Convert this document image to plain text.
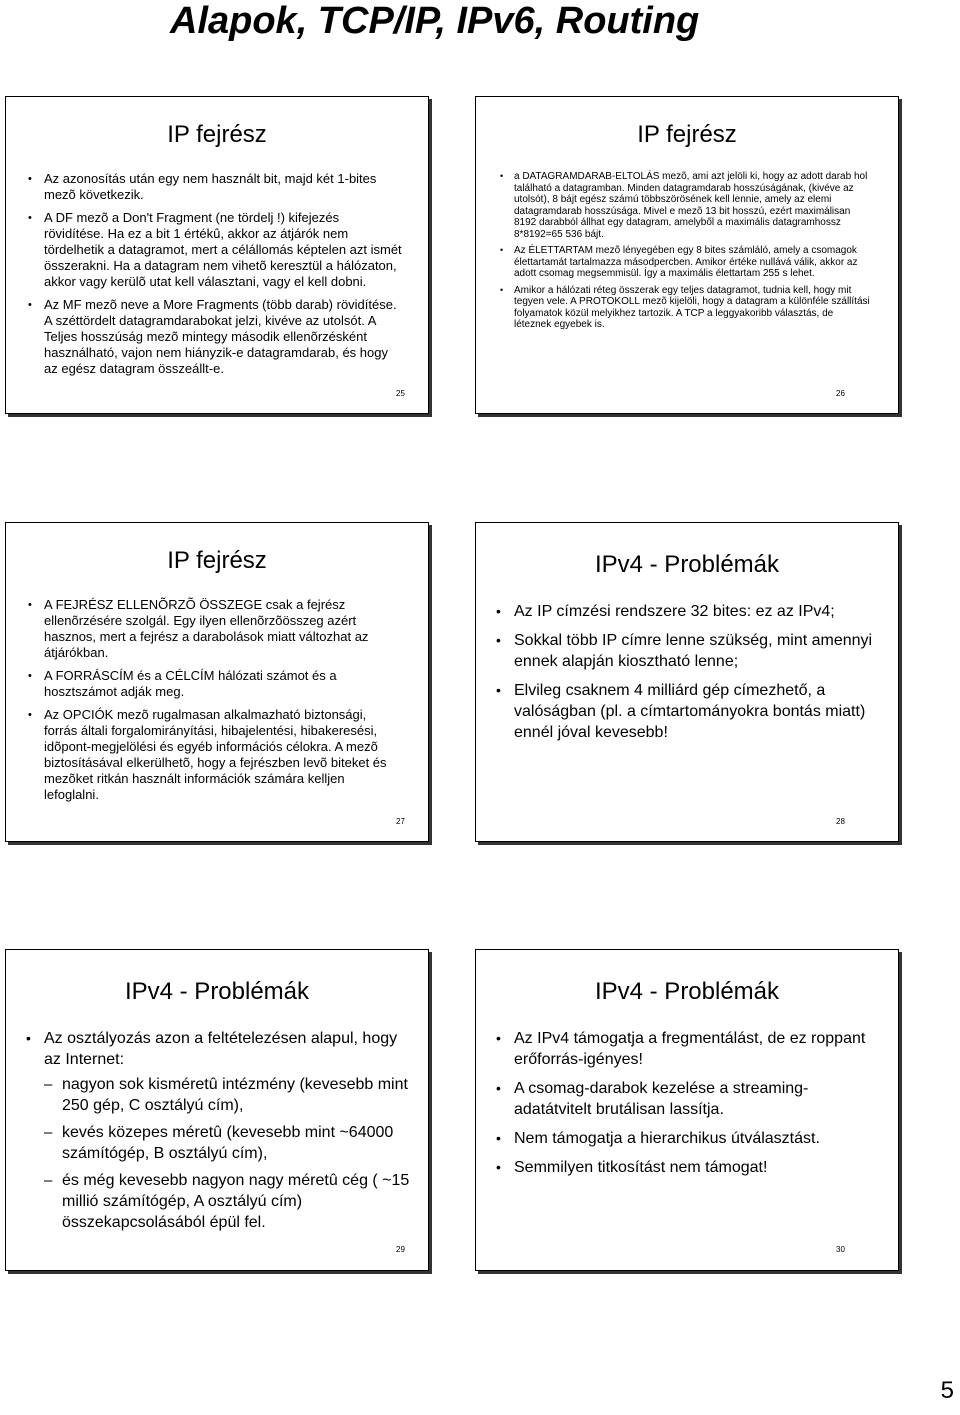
Alapok, TCP/IP, IPv6, Routing
IP fejrész
• Az azonosítás után egy nem használt bit, majd két 1-bites mezõ következik.
• A DF mezõ a Don't Fragment (ne tördelj !) kifejezés rövidítése. Ha ez a bit 1 értékû, akkor az átjárók nem tördelhetik a datagramot, mert a célállomás képtelen azt ismét összerakni. Ha a datagram nem vihetõ keresztül a hálózaton, akkor vagy kerülõ utat kell választani, vagy el kell dobni.
• Az MF mezõ neve a More Fragments (több darab) rövidítése. A széttördelt datagramdarabokat jelzi, kivéve az utolsót. A Teljes hosszúság mezõ mintegy második ellenõrzésként használható, vajon nem hiányzik-e datagramdarab, és hogy az egész datagram összeállt-e.
25
IP fejrész
• a DATAGRAMDARAB-ELTOLÁS mezõ, ami azt jelöli ki, hogy az adott darab hol található a datagramban. Minden datagramdarab hosszúságának, (kivéve az utolsót), 8 bájt egész számú többszörösének kell lennie, amely az elemi datagramdarab hosszúsága. Mivel e mezõ 13 bit hosszú, ezért maximálisan 8192 darabból állhat egy datagram, amelyből a maximális datagramhossz 8*8192=65 536 bájt.
• Az ÉLETTARTAM mezõ lényegében egy 8 bites számláló, amely a csomagok élettartamát tartalmazza másodpercben. Amikor értéke nullává válik, akkor az adott csomag megsemmisül. Így a maximális élettartam 255 s lehet.
• Amikor a hálózati réteg összerak egy teljes datagramot, tudnia kell, hogy mit tegyen vele. A PROTOKOLL mezõ kijelöli, hogy a datagram a különféle szállítási folyamatok közül melyikhez tartozik. A TCP a leggyakoribb választás, de léteznek egyebek is.
26
IP fejrész
• A FEJRÉSZ ELLENÕRZÕ ÖSSZEGE csak a fejrész ellenõrzésére szolgál. Egy ilyen ellenõrzõösszeg azért hasznos, mert a fejrész a darabolások miatt változhat az átjárókban.
• A FORRÁSCÍM és a CÉLCÍM hálózati számot és a hosztszámot adják meg.
• Az OPCIÓK mezõ rugalmasan alkalmazható biztonsági, forrás általi forgalomirányítási, hibajelentési, hibakeresési, idõpont-megjelölési és egyéb információs célokra. A mezõ biztosításával elkerülhetõ, hogy a fejrészben levõ biteket és mezõket ritkán használt információk számára kelljen lefoglalni.
27
IPv4 - Problémák
• Az IP címzési rendszere 32 bites: ez az IPv4;
• Sokkal több IP címre lenne szükség, mint amennyi ennek alapján kiosztható lenne;
• Elvileg csaknem 4 milliárd gép címezhető, a valóságban (pl. a címtartományokra bontás miatt) ennél jóval kevesebb!
28
IPv4 - Problémák
• Az osztályozás azon a feltételezésen alapul, hogy az Internet:
– nagyon sok kisméretû intézmény (kevesebb mint 250 gép, C osztályú cím),
– kevés közepes méretû (kevesebb mint ~64000 számítógép, B osztályú cím),
– és még kevesebb nagyon nagy méretû cég ( ~15 millió számítógép, A osztályú cím) összekapcsolásából épül fel.
29
IPv4 - Problémák
• Az IPv4 támogatja a fregmentálást, de ez roppant erőforrás-igényes!
• A csomag-darabok kezelése a streaming-adatátvitelt brutálisan lassítja.
• Nem támogatja a hierarchikus útválasztást.
• Semmilyen titkosítást nem támogat!
30
5
